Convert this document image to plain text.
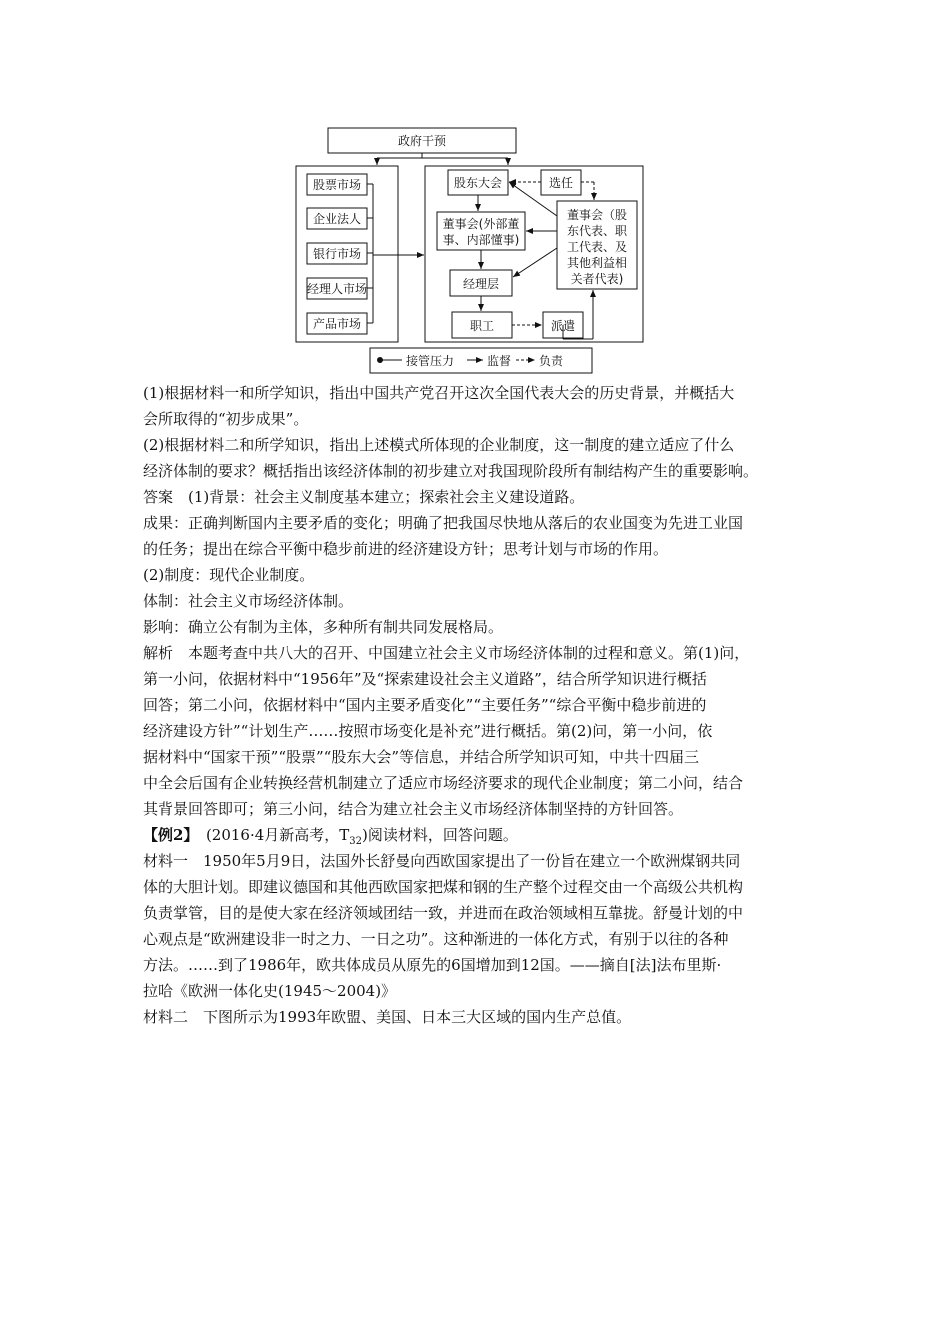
政府干预
股票市场
企业法人
银行市场
经理人市场
产品市场
股东大会	选任
董事会(外部董
事、内部懂事)
董事会（股
东代表、职
工代表、及
其他利益相
关者代表)
经理层
职工	派遣
接管压力	监督 负责
(1)根据材料一和所学知识，指出中国共产党召开这次全国代表大会的历史背景，并概括大
会所取得的“初步成果”。
(2)根据材料二和所学知识，指出上述模式所体现的企业制度，这一制度的建立适应了什么
经济体制的要求？概括指出该经济体制的初步建立对我国现阶段所有制结构产生的重要影响。
答案　(1)背景：社会主义制度基本建立；探索社会主义建设道路。
成果：正确判断国内主要矛盾的变化；明确了把我国尽快地从落后的农业国变为先进工业国
的任务；提出在综合平衡中稳步前进的经济建设方针；思考计划与市场的作用。
(2)制度：现代企业制度。
体制：社会主义市场经济体制。
影响：确立公有制为主体，多种所有制共同发展格局。
解析　本题考查中共八大的召开、中国建立社会主义市场经济体制的过程和意义。第(1)问，
第一小问，依据材料中“1956年”及“探索建设社会主义道路”，结合所学知识进行概括
回答；第二小问，依据材料中“国内主要矛盾变化”“主要任务”“综合平衡中稳步前进的
经济建设方针”“计划生产……按照市场变化是补充”进行概括。第(2)问，第一小问，依
据材料中“国家干预”“股票”“股东大会”等信息，并结合所学知识可知，中共十四届三
中全会后国有企业转换经营机制建立了适应市场经济要求的现代企业制度；第二小问，结合
其背景回答即可；第三小问，结合为建立社会主义市场经济体制坚持的方针回答。
【例2】　(2016·4月新高考，$T_{32}$)阅读材料，回答问题。
材料一　1950年5月9日，法国外长舒曼向西欧国家提出了一份旨在建立一个欧洲煤钢共同
体的大胆计划。即建议德国和其他西欧国家把煤和钢的生产整个过程交由一个高级公共机构
负责掌管，目的是使大家在经济领域团结一致，并进而在政治领域相互靠拢。舒曼计划的中
心观点是“欧洲建设非一时之力、一日之功”。这种渐进的一体化方式，有别于以往的各种
方法。……到了1986年，欧共体成员从原先的6国增加到12国。——摘自[法]法布里斯·
拉哈《欧洲一体化史(1945～2004)》
材料二　下图所示为1993年欧盟、美国、日本三大区域的国内生产总值。
